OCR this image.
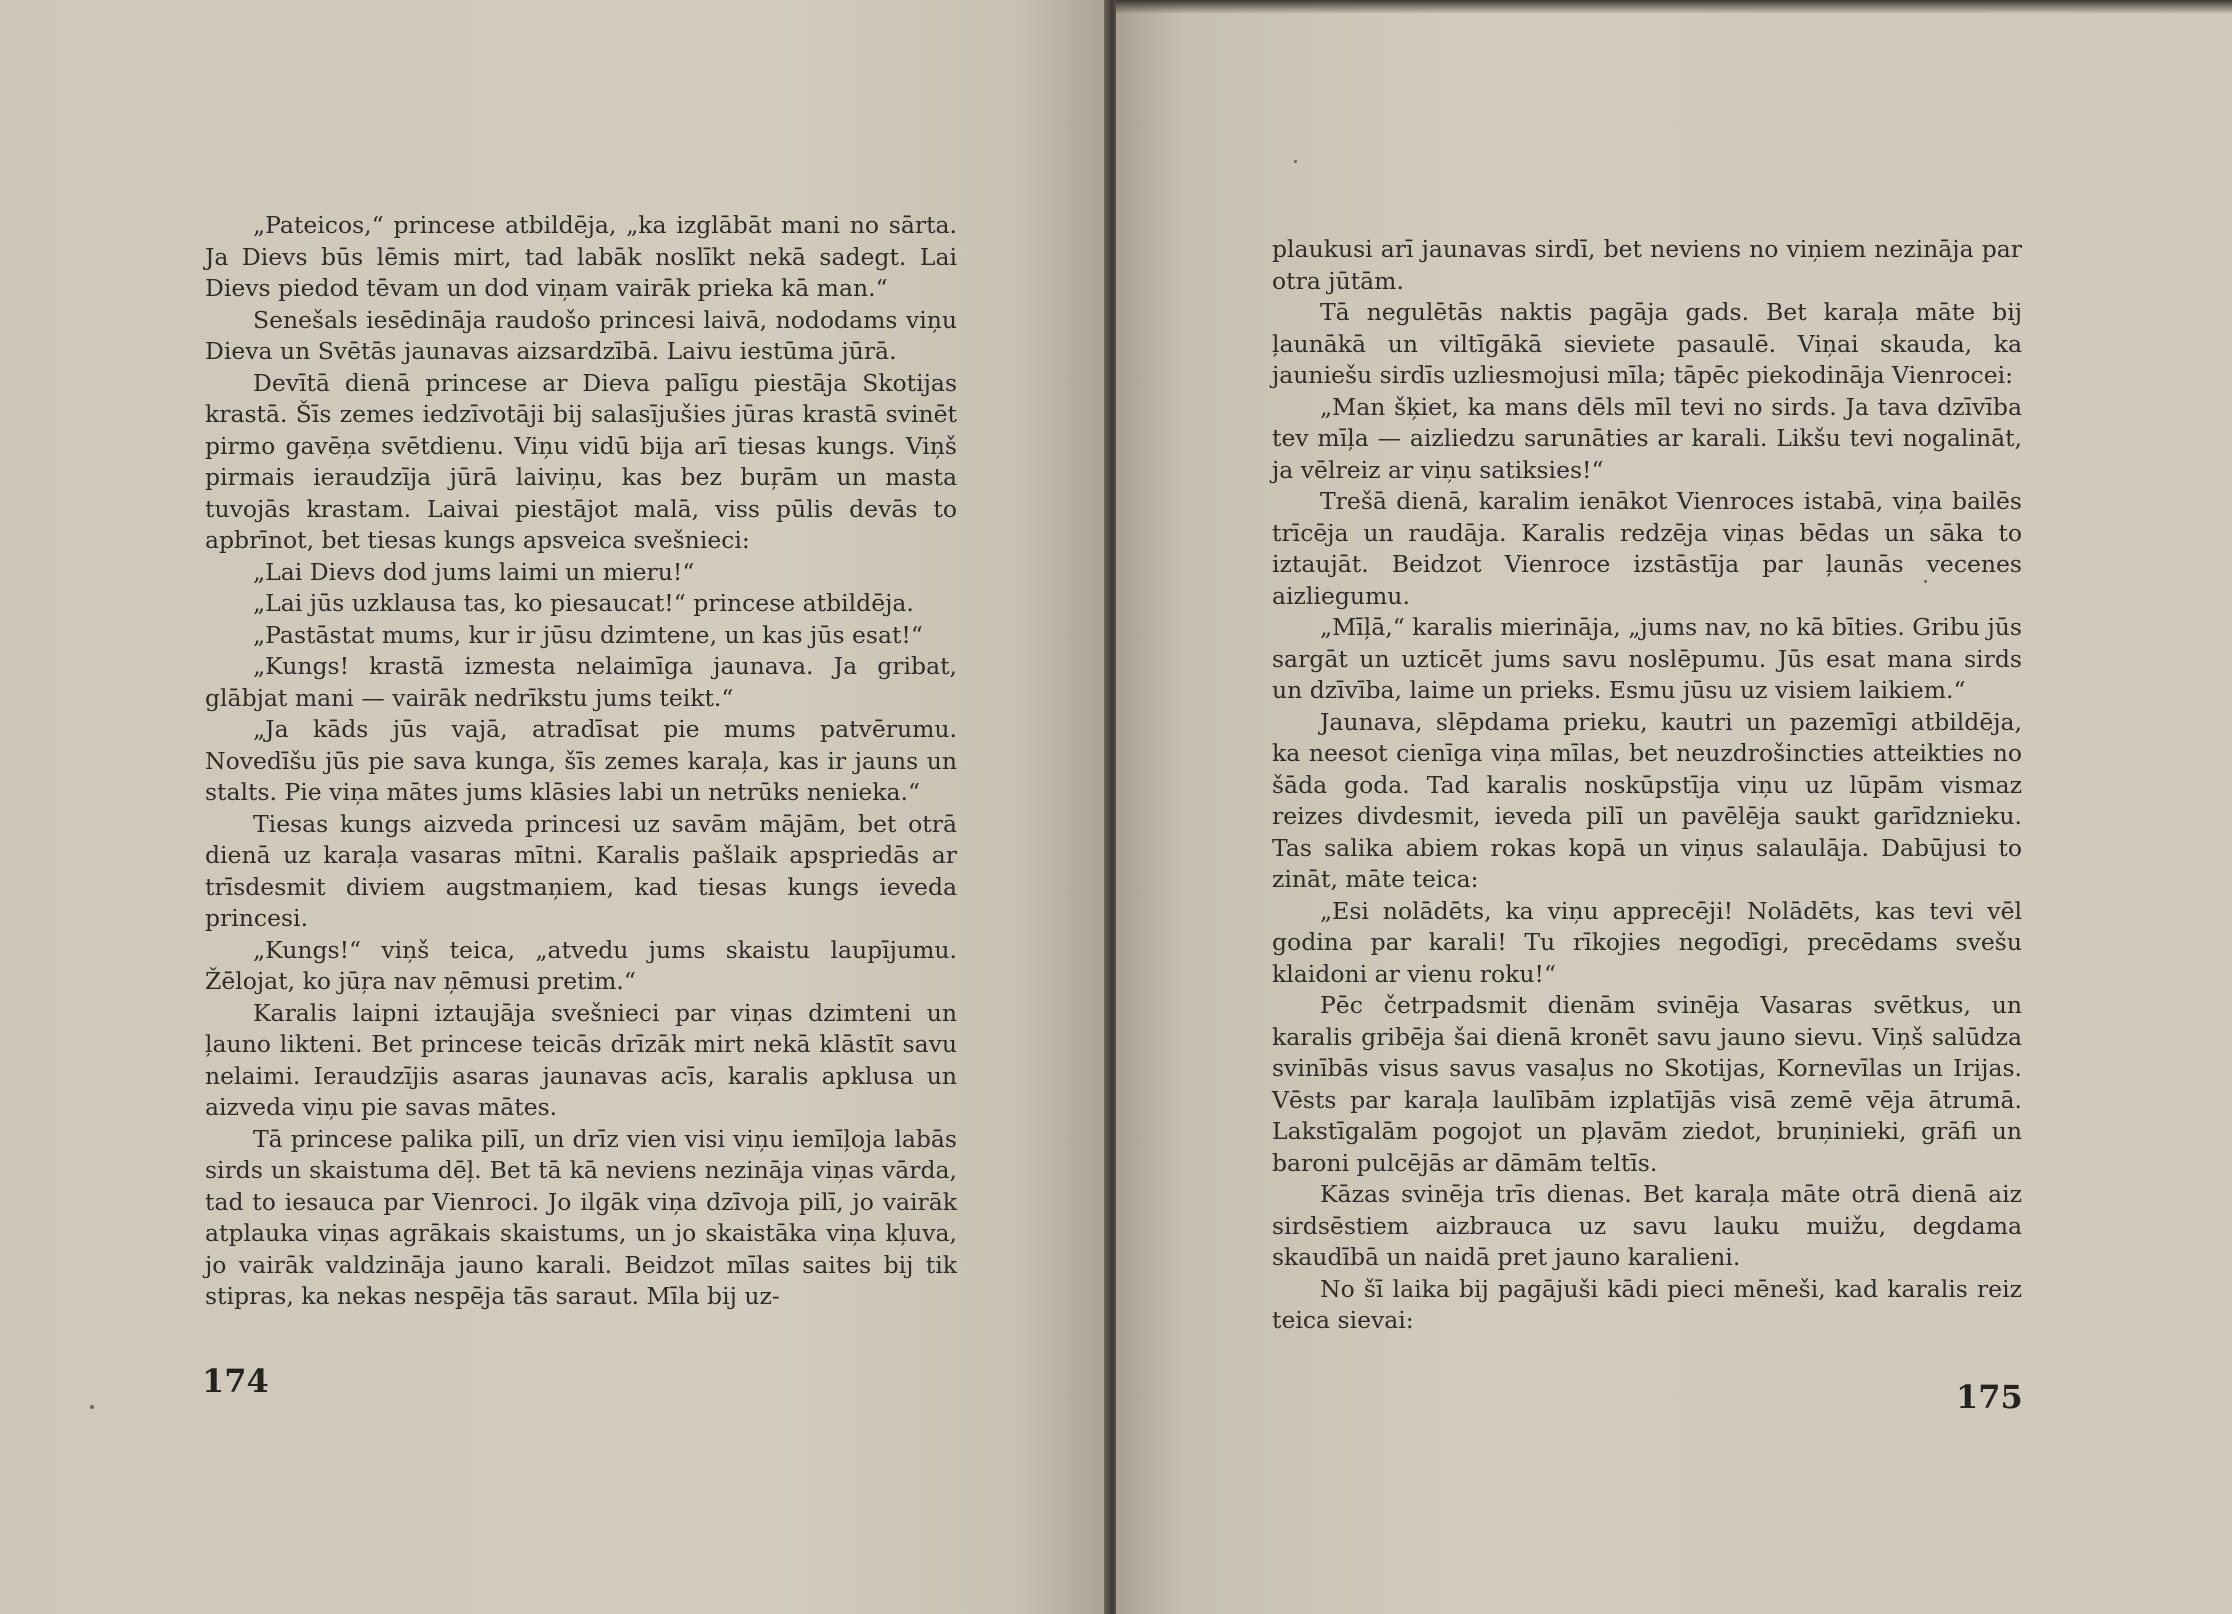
„Pateicos,“ princese atbildēja, „ka izglābāt mani no sārta. Ja Dievs būs lēmis mirt, tad labāk noslīkt nekā sadegt. Lai Dievs piedod tēvam un dod viņam vairāk prieka kā man.“

Senešals iesēdināja raudošo princesi laivā, nododams viņu Dieva un Svētās jaunavas aizsardzībā. Laivu iestūma jūrā.

Devītā dienā princese ar Dieva palīgu piestāja Skotijas krastā. Šīs zemes iedzīvotāji bij salasījušies jūras krastā svinēt pirmo gavēņa svētdienu. Viņu vidū bija arī tiesas kungs. Viņš pirmais ieraudzīja jūrā laiviņu, kas bez buŗām un masta tuvojās krastam. Laivai piestājot malā, viss pūlis devās to apbrīnot, bet tiesas kungs apsveica svešnieci:

„Lai Dievs dod jums laimi un mieru!“

„Lai jūs uzklausa tas, ko piesaucat!“ princese atbildēja.

„Pastāstat mums, kur ir jūsu dzimtene, un kas jūs esat!“

„Kungs! krastā izmesta nelaimīga jaunava. Ja gribat, glābjat mani — vairāk nedrīkstu jums teikt.“

„Ja kāds jūs vajā, atradīsat pie mums patvērumu. Novedīšu jūs pie sava kunga, šīs zemes karaļa, kas ir jauns un stalts. Pie viņa mātes jums klāsies labi un netrūks nenieka.“

Tiesas kungs aizveda princesi uz savām mājām, bet otrā dienā uz karaļa vasaras mītni. Karalis pašlaik apspriedās ar trīsdesmit diviem augstmaņiem, kad tiesas kungs ieveda princesi.

„Kungs!“ viņš teica, „atvedu jums skaistu laupījumu. Žēlojat, ko jūŗa nav ņēmusi pretim.“

Karalis laipni iztaujāja svešnieci par viņas dzimteni un ļauno likteni. Bet princese teicās drīzāk mirt nekā klāstīt savu nelaimi. Ieraudzījis asaras jaunavas acīs, karalis apklusa un aizveda viņu pie savas mātes.

Tā princese palika pilī, un drīz vien visi viņu iemīļoja labās sirds un skaistuma dēļ. Bet tā kā neviens nezināja viņas vārda, tad to iesauca par Vienroci. Jo ilgāk viņa dzīvoja pilī, jo vairāk atplauka viņas agrākais skaistums, un jo skaistāka viņa kļuva, jo vairāk valdzināja jauno karali. Beidzot mīlas saites bij tik stipras, ka nekas nespēja tās saraut. Mīla bij uz-

174	175

plaukusi arī jaunavas sirdī, bet neviens no viņiem nezināja par otra jūtām.

Tā negulētās naktis pagāja gads. Bet karaļa māte bij ļaunākā un viltīgākā sieviete pasaulē. Viņai skauda, ka jauniešu sirdīs uzliesmojusi mīla; tāpēc piekodināja Vienrocei:

„Man šķiet, ka mans dēls mīl tevi no sirds. Ja tava dzīvība tev mīļa — aizliedzu sarunāties ar karali. Likšu tevi nogalināt, ja vēlreiz ar viņu satiksies!“

Trešā dienā, karalim ienākot Vienroces istabā, viņa bailēs trīcēja un raudāja. Karalis redzēja viņas bēdas un sāka to iztaujāt. Beidzot Vienroce izstāstīja par ļaunās vecenes aizliegumu.

„Mīļā,“ karalis mierināja, „jums nav, no kā bīties. Gribu jūs sargāt un uzticēt jums savu noslēpumu. Jūs esat mana sirds un dzīvība, laime un prieks. Esmu jūsu uz visiem laikiem.“

Jaunava, slēpdama prieku, kautri un pazemīgi atbildēja, ka neesot cienīga viņa mīlas, bet neuzdrošincties atteikties no šāda goda. Tad karalis noskūpstīja viņu uz lūpām vismaz reizes divdesmit, ieveda pilī un pavēlēja saukt garīdznieku. Tas salika abiem rokas kopā un viņus salaulāja. Dabūjusi to zināt, māte teica:

„Esi nolādēts, ka viņu apprecēji! Nolādēts, kas tevi vēl godina par karali! Tu rīkojies negodīgi, precēdams svešu klaidoni ar vienu roku!“

Pēc četrpadsmit dienām svinēja Vasaras svētkus, un karalis gribēja šai dienā kronēt savu jauno sievu. Viņš salūdza svinībās visus savus vasaļus no Skotijas, Kornevīlas un Irijas. Vēsts par karaļa laulībām izplatījās visā zemē vēja ātrumā. Lakstīgalām pogojot un pļavām ziedot, bruņinieki, grāfi un baroni pulcējās ar dāmām teltīs.

Kāzas svinēja trīs dienas. Bet karaļa māte otrā dienā aiz sirdsēstiem aizbrauca uz savu lauku muižu, degdama skaudībā un naidā pret jauno karalieni.

No šī laika bij pagājuši kādi pieci mēneši, kad karalis reiz teica sievai:
